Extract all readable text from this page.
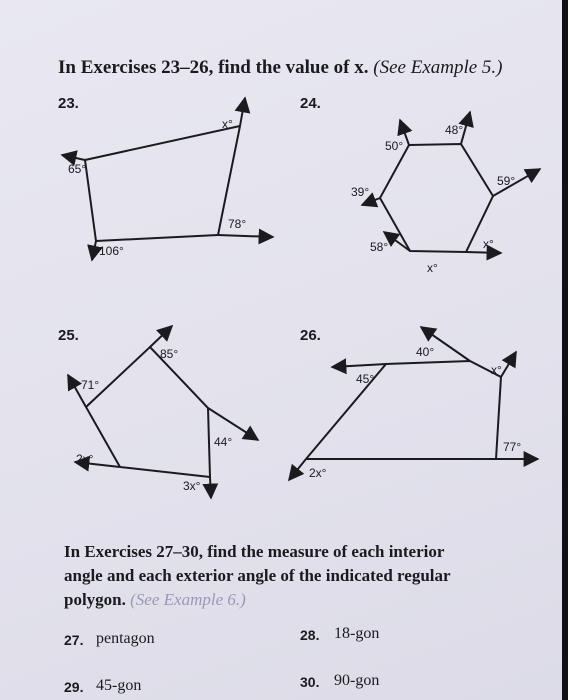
In Exercises 23–26, find the value of x. (See Example 5.)
23.	24.
25.	26.
x°
65°
78°
106°
50°
48°
59°
39°
58°	x°
x°
85°
71°
44°
2x°
3x°
40°
45°
x°
77°
2x°
In Exercises 27–30, find the measure of each interior
angle and each exterior angle of the indicated regular
polygon. (See Example 6.)
27. pentagon	28. 18-gon
29. 45-gon	30. 90-gon
